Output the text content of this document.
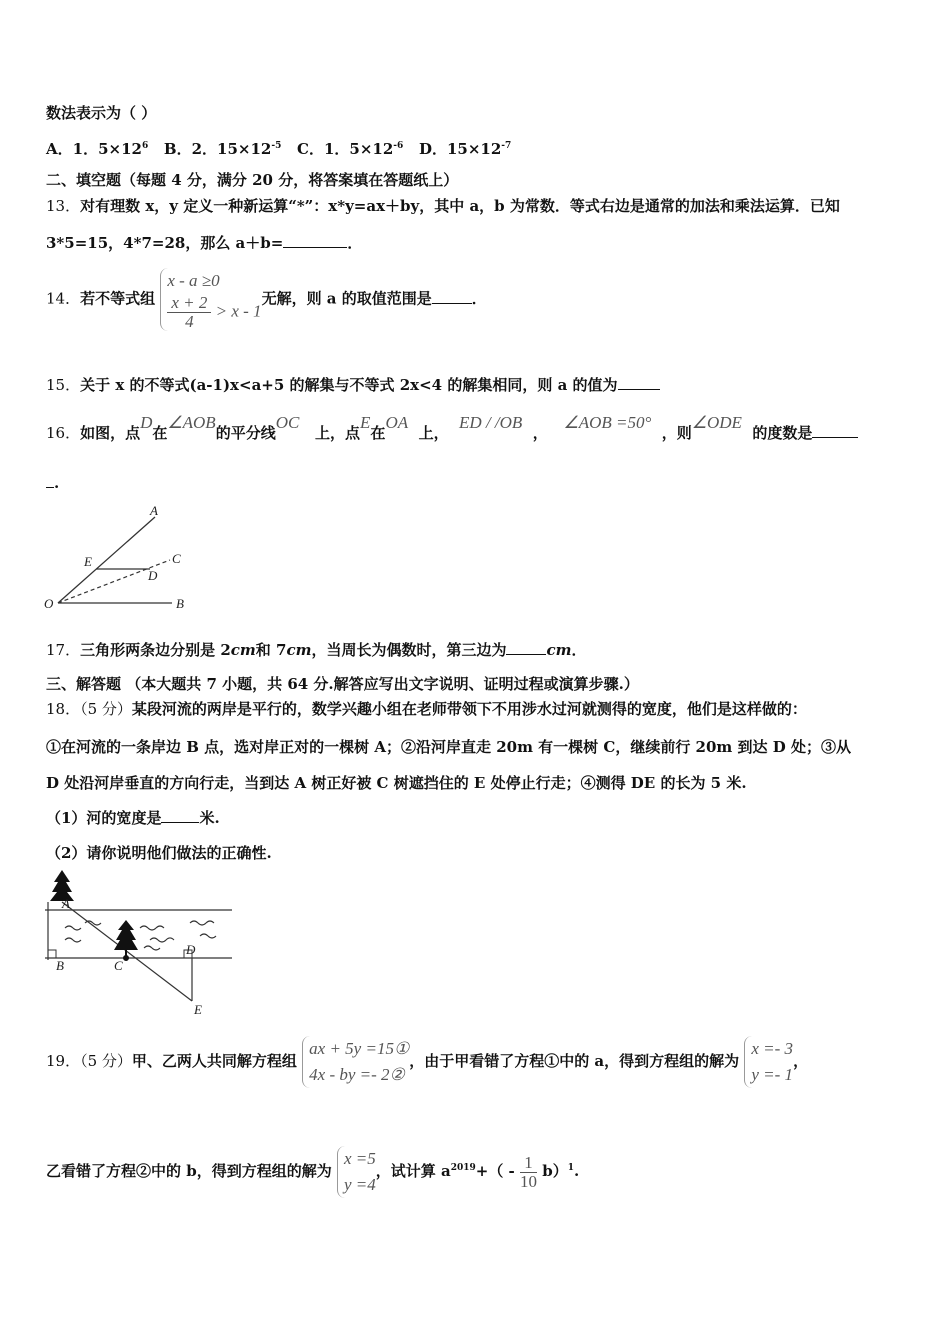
数法表示为（ ）
A．1．$5\times 12^6$ B．2．$15\times 12^{-5}$ C．1．$5\times 12^{-6}$ D．$15\times 12^{-7}$
二、填空题（每题 4 分，满分 20 分，将答案填在答题纸上）
13．对有理数 x，y 定义一种新运算“*”：x*y=ax＋by，其中 a，b 为常数．等式右边是通常的加法和乘法运算．已知
3*5=15，4*7=28，那么 a＋b=	．
14．若不等式组
x - a ≥0
$\frac{x + 2}{4} > x - 1$
无解，则 a 的取值范围是	．
15．关于 x 的不等式(a-1)x<a+5 的解集与不等式 2x<4 的解集相同，则 a 的值为
16．如图，点D在∠AOB的平分线OC   上，点E在OA  上，  ED / /OB  ，   ∠AOB =50°  ，则∠ODE  的度数是
.
A
C
E
D
O	B
17．三角形两条边分别是 2cm和 7cm，当周长为偶数时，第三边为	cm．
三、解答题 （本大题共 7 小题，共 64 分.解答应写出文字说明、证明过程或演算步骤.）
18．（5 分）某段河流的两岸是平行的，数学兴趣小组在老师带领下不用涉水过河就测得的宽度，他们是这样做的：
①在河流的一条岸边 B 点，选对岸正对的一棵树 A；②沿河岸直走 20m 有一棵树 C，继续前行 20m 到达 D 处；③从
D 处沿河岸垂直的方向行走，当到达 A 树正好被 C 树遮挡住的 E 处停止行走；④测得 DE 的长为 5 米.
（1）河的宽度是	米.
（2）请你说明他们做法的正确性.
A
B	C
D
E
19．（5 分）甲、乙两人共同解方程组
ax + 5y =15①
4x - by =- 2②
，由于甲看错了方程①中的 a，得到方程组的解为
x =- 3
y =- 1
，
乙看错了方程②中的 b，得到方程组的解为
x =5
y =4
，试计算 $a^{2019}+( - \frac{1}{10} b)^1$.
